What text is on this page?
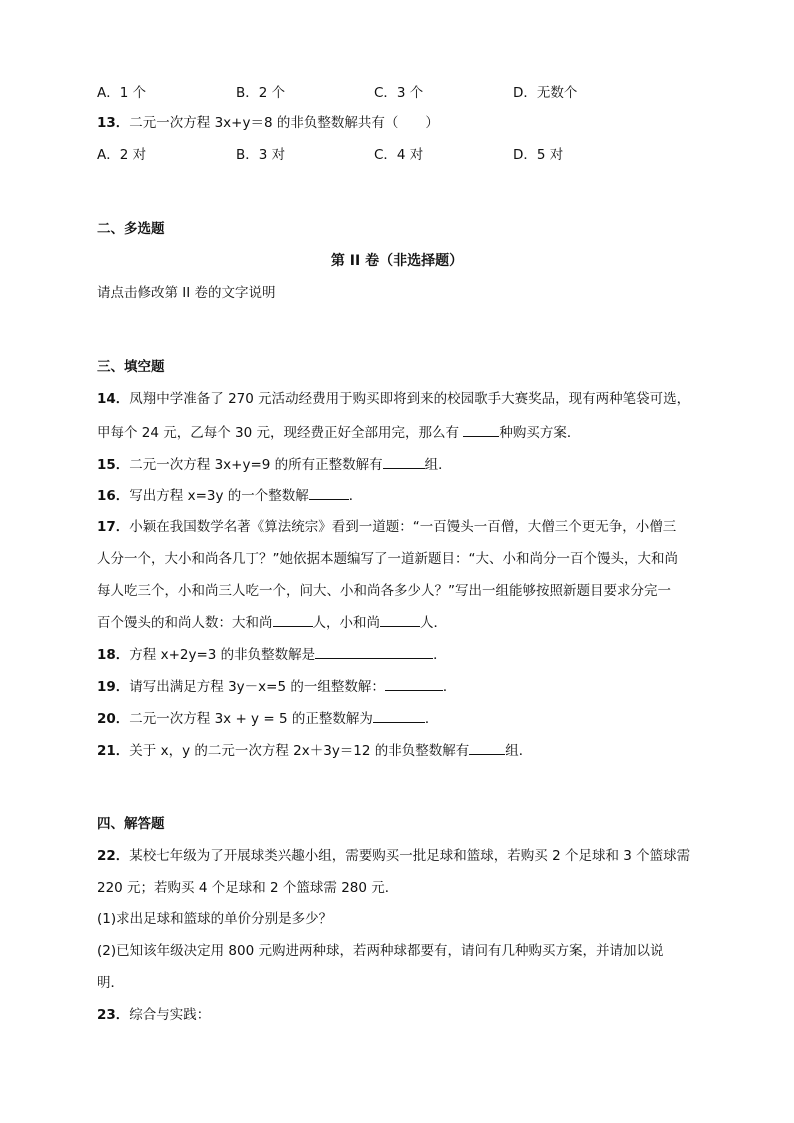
A．1 个	B．2 个	C．3 个	D．无数个
13．二元一次方程 3x+y＝8 的非负整数解共有（　　）
A．2 对	B．3 对	C．4 对	D．5 对
二、多选题
第 II 卷（非选择题）
请点击修改第 II 卷的文字说明
三、填空题
14．凤翔中学准备了 270 元活动经费用于购买即将到来的校园歌手大赛奖品，现有两种笔袋可选，
甲每个 24 元，乙每个 30 元，现经费正好全部用完，那么有	种购买方案．
15．二元一次方程 3x+y=9 的所有正整数解有	组．
16．写出方程 x=3y 的一个整数解	．
17．小颖在我国数学名著《算法统宗》看到一道题：“一百馒头一百僧，大僧三个更无争，小僧三
人分一个，大小和尚各几丁？”她依据本题编写了一道新题目：“大、小和尚分一百个馒头，大和尚
每人吃三个，小和尚三人吃一个，问大、小和尚各多少人？”写出一组能够按照新题目要求分完一
百个馒头的和尚人数：大和尚	人，小和尚	人．
18．方程 x+2y=3 的非负整数解是	．
19．请写出满足方程 3y－x=5 的一组整数解：	．
20．二元一次方程 3x + y = 5 的正整数解为	．
21．关于 x，y 的二元一次方程 2x＋3y＝12 的非负整数解有	组．
四、解答题
22．某校七年级为了开展球类兴趣小组，需要购买一批足球和篮球，若购买 2 个足球和 3 个篮球需
220 元；若购买 4 个足球和 2 个篮球需 280 元．
(1)求出足球和篮球的单价分别是多少？
(2)已知该年级决定用 800 元购进两种球，若两种球都要有，请问有几种购买方案，并请加以说
明．
23．综合与实践：
